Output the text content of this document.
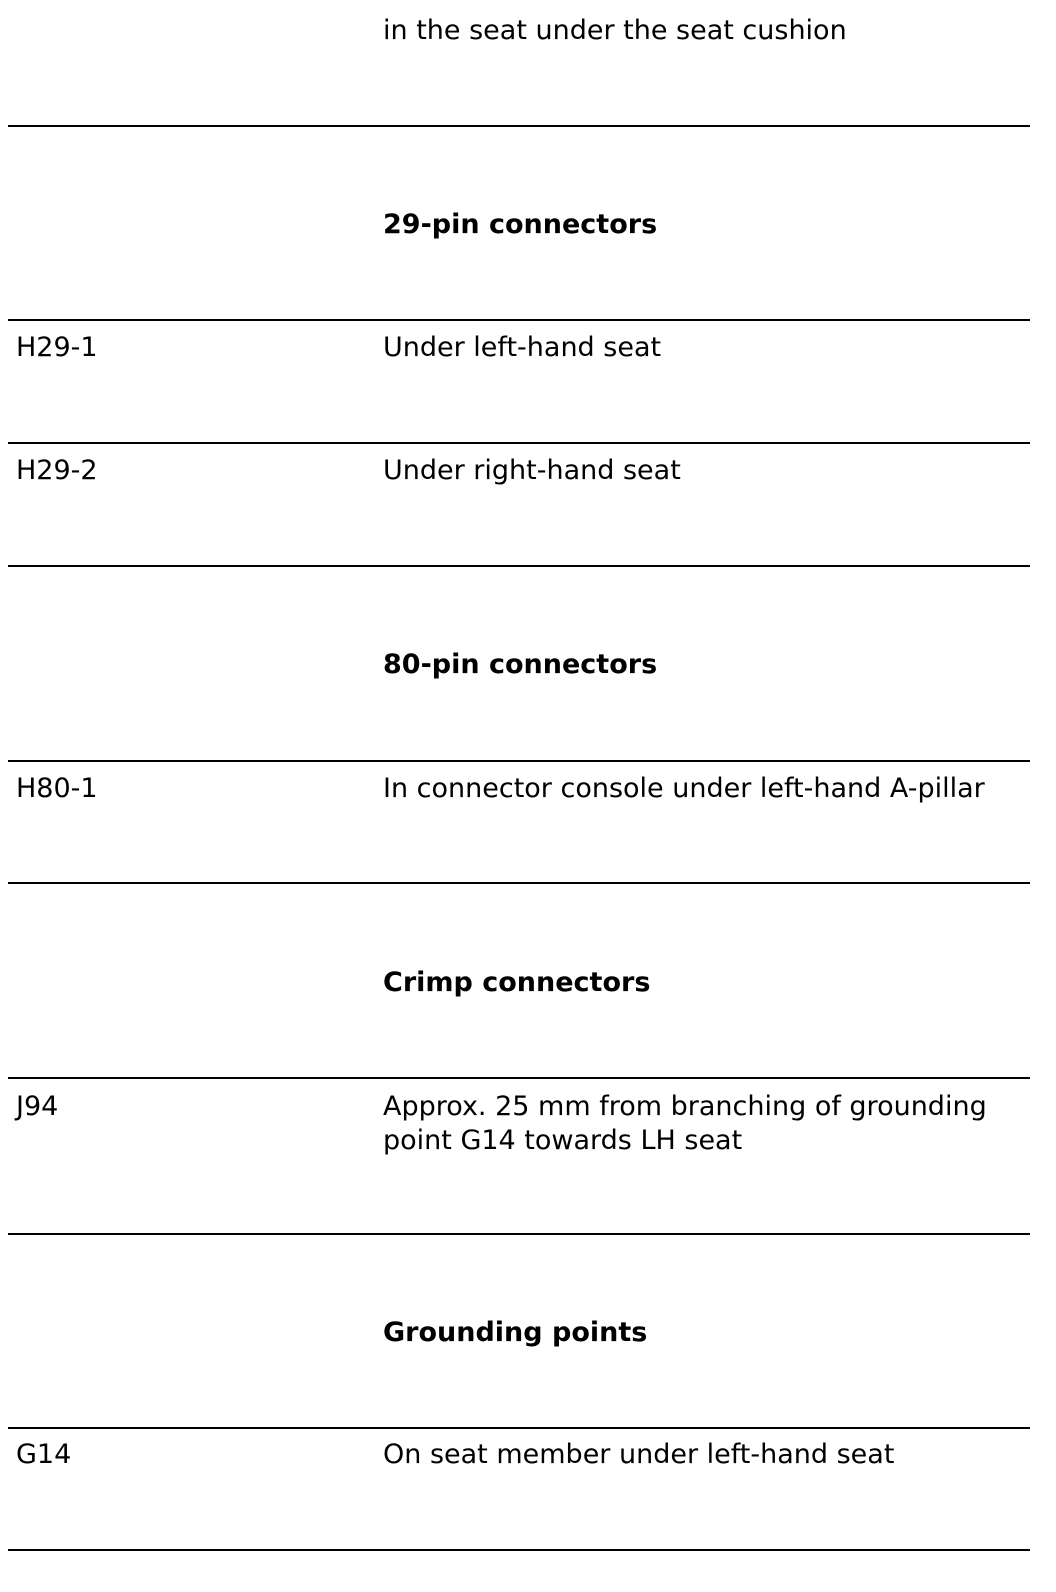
in the seat under the seat cushion
29-pin connectors
H29-1	Under left-hand seat
H29-2	Under right-hand seat
80-pin connectors
H80-1	In connector console under left-hand A-pillar
Crimp connectors
J94	Approx. 25 mm from branching of grounding point G14 towards LH seat
Grounding points
G14	On seat member under left-hand seat
